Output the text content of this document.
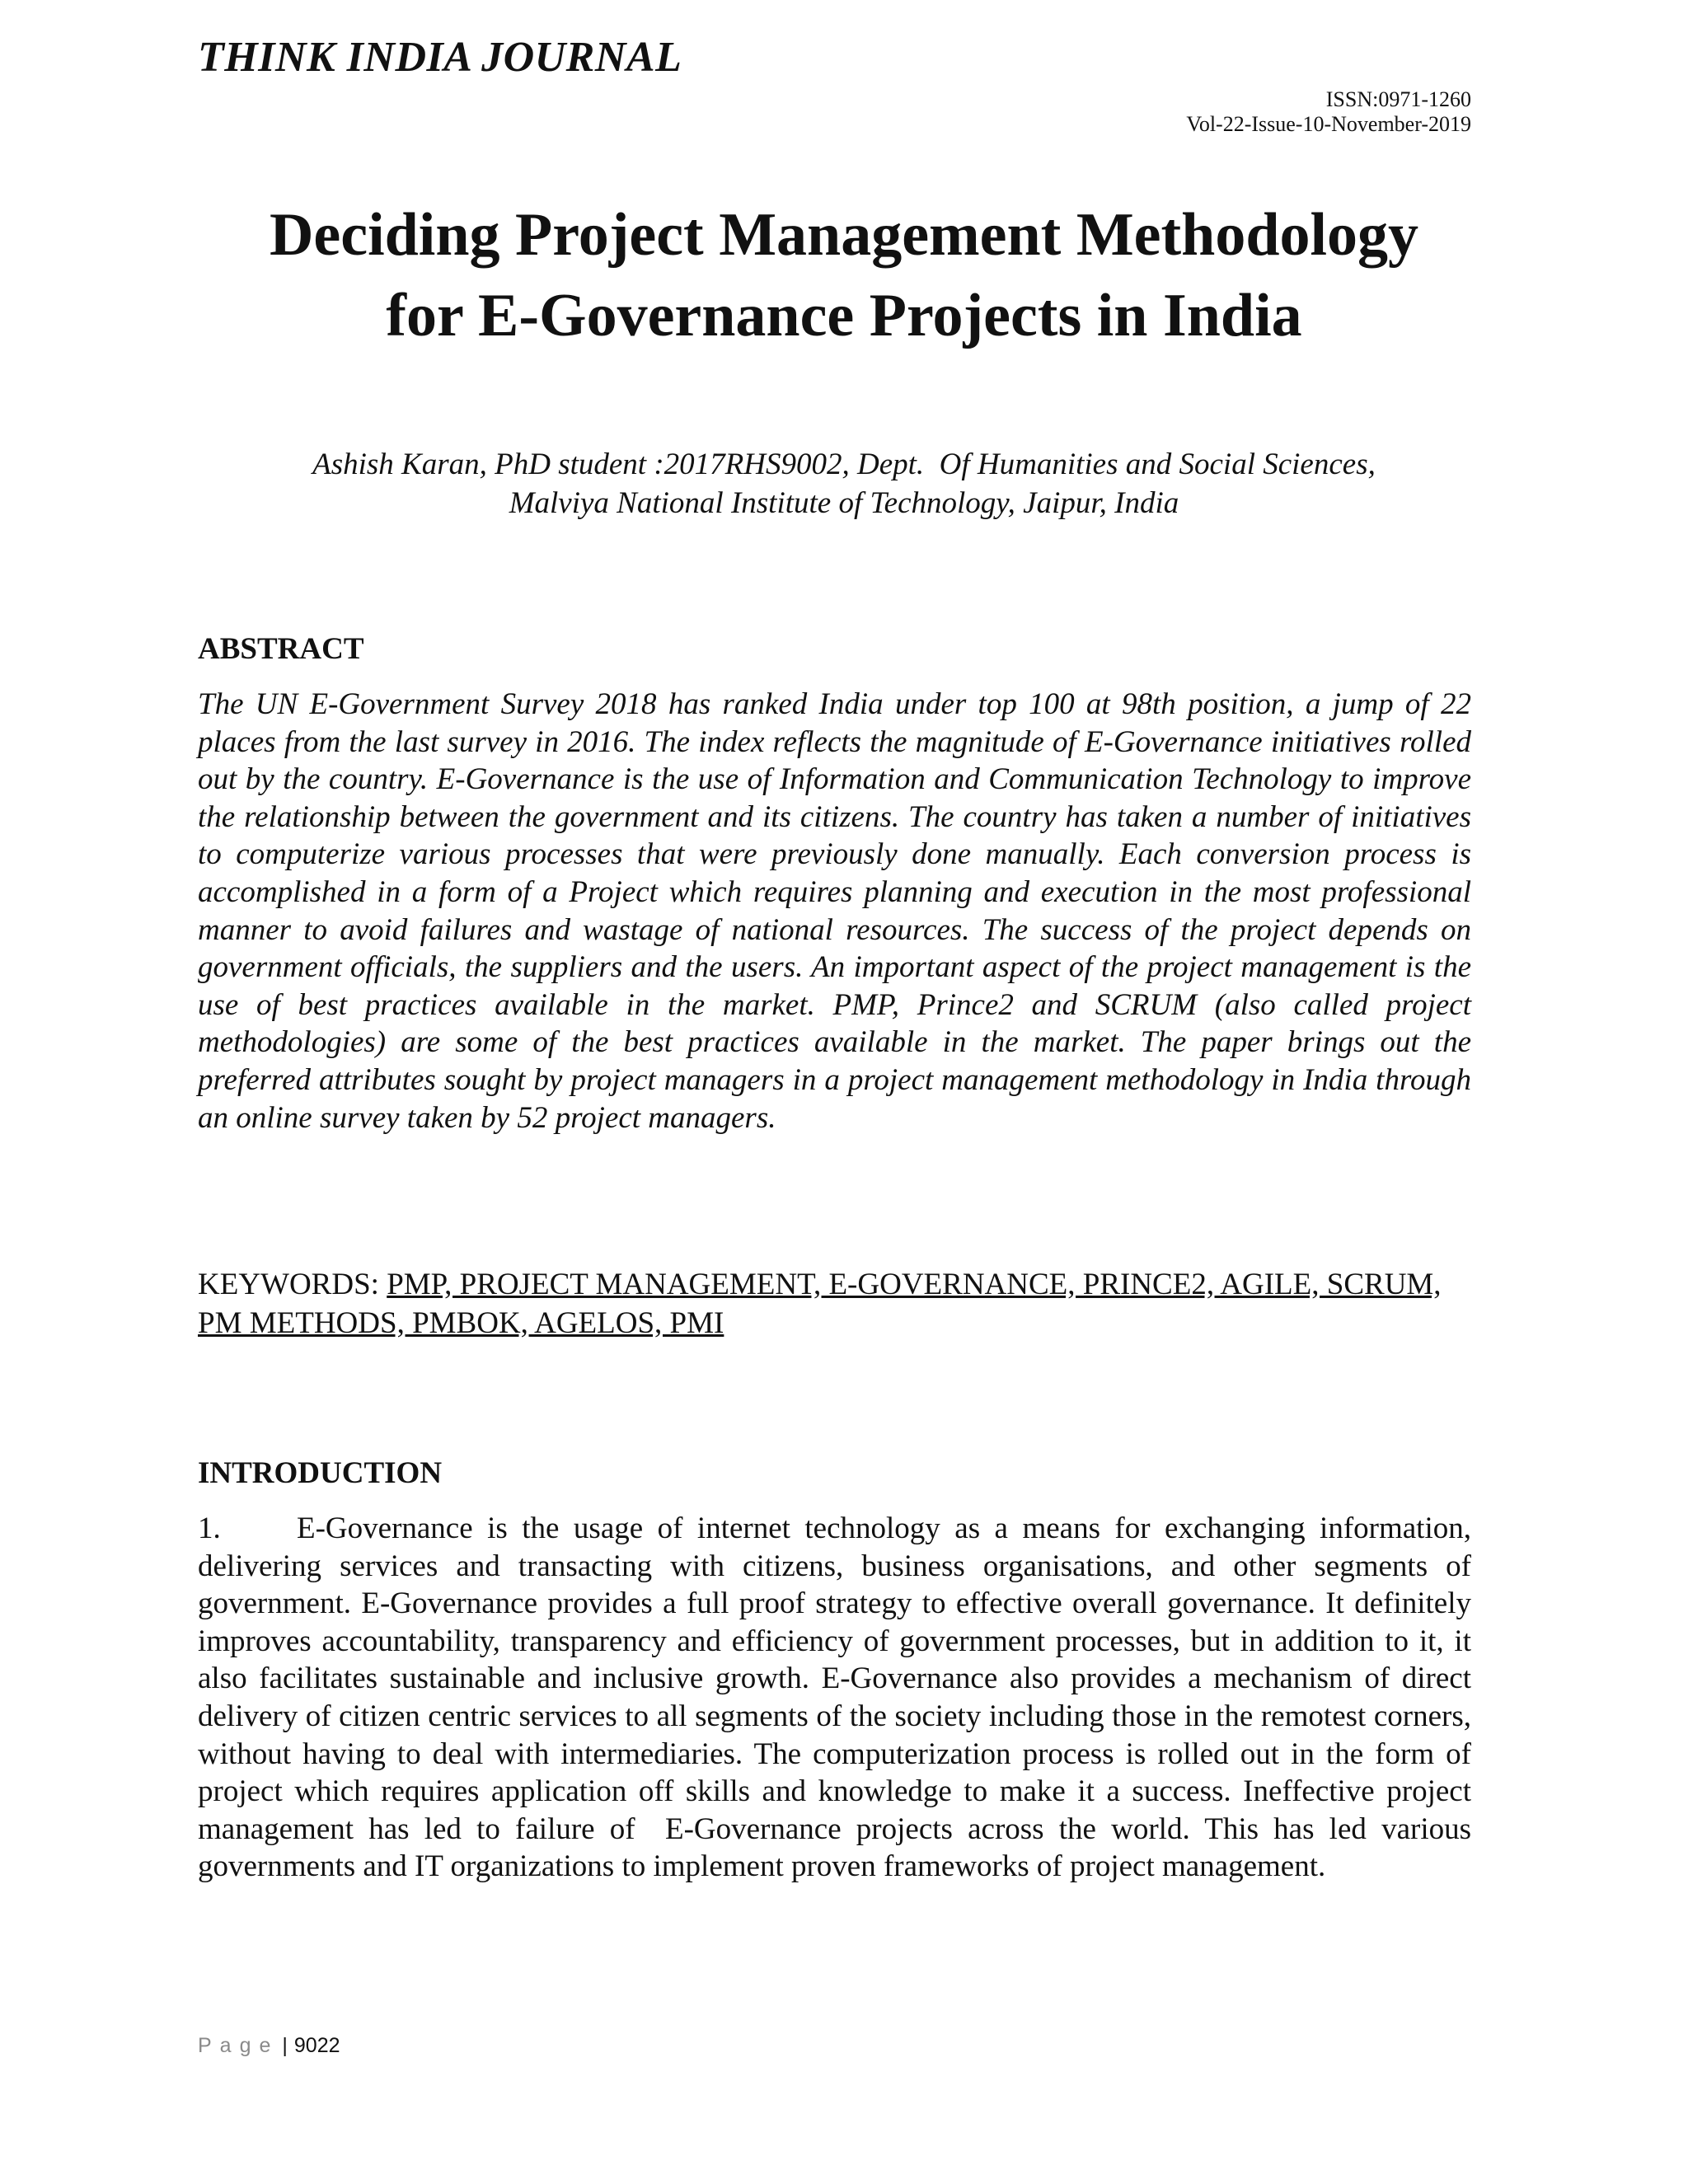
THINK INDIA JOURNAL
ISSN:0971-1260
Vol-22-Issue-10-November-2019
Deciding Project Management Methodology
for E-Governance Projects in India
Ashish Karan, PhD student :2017RHS9002, Dept.  Of Humanities and Social Sciences,
Malviya National Institute of Technology, Jaipur, India
ABSTRACT
The UN E-Government Survey 2018 has ranked India under top 100 at 98th position, a jump of 22 places from the last survey in 2016. The index reflects the magnitude of E-Governance initiatives rolled out by the country. E-Governance is the use of Information and Communication Technology to improve the relationship between the government and its citizens. The country has taken a number of initiatives to computerize various processes that were previously done manually. Each conversion process is accomplished in a form of a Project which requires planning and execution in the most professional manner to avoid failures and wastage of national resources. The success of the project depends on government officials, the suppliers and the users. An important aspect of the project management is the use of best practices available in the market. PMP, Prince2 and SCRUM (also called project methodologies) are some of the best practices available in the market. The paper brings out the preferred attributes sought by project managers in a project management methodology in India through an online survey taken by 52 project managers.
KEYWORDS: PMP, PROJECT MANAGEMENT, E-GOVERNANCE, PRINCE2, AGILE, SCRUM, PM METHODS, PMBOK, AGELOS, PMI
INTRODUCTION
1. E-Governance is the usage of internet technology as a means for exchanging information, delivering services and transacting with citizens, business organisations, and other segments of government. E-Governance provides a full proof strategy to effective overall governance. It definitely improves accountability, transparency and efficiency of government processes, but in addition to it, it also facilitates sustainable and inclusive growth. E-Governance also provides a mechanism of direct delivery of citizen centric services to all segments of the society including those in the remotest corners, without having to deal with intermediaries. The computerization process is rolled out in the form of project which requires application off skills and knowledge to make it a success. Ineffective project management has led to failure of  E-Governance projects across the world. This has led various governments and IT organizations to implement proven frameworks of project management.
Page | 9022
